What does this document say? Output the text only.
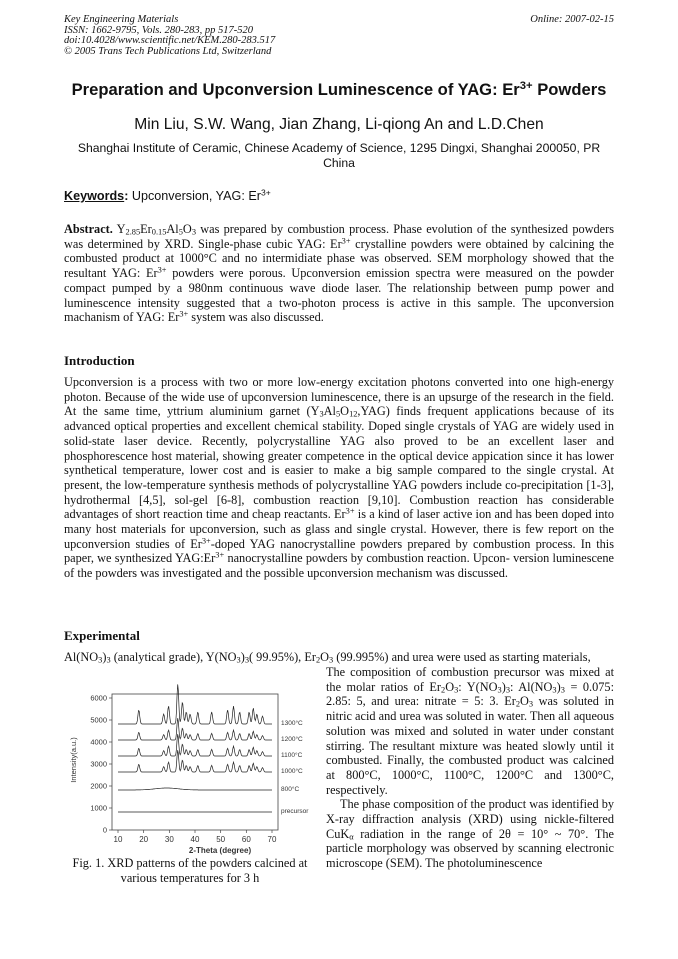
Key Engineering Materials
ISSN: 1662-9795, Vols. 280-283, pp 517-520
doi:10.4028/www.scientific.net/KEM.280-283.517
© 2005 Trans Tech Publications Ltd, Switzerland
Online: 2007-02-15
Preparation and Upconversion Luminescence of YAG: $Er^{3+}$ Powders
Min Liu, S.W. Wang, Jian Zhang, Li-qiong An and L.D.Chen
Shanghai Institute of Ceramic, Chinese Academy of Science, 1295 Dingxi, Shanghai 200050, PR China
Keywords: Upconversion, YAG: $Er^{3+}$

Abstract. $Y_{2.85}Er_{0.15}Al_5O_3$ was prepared by combustion process. Phase evolution of the synthesized powders was determined by XRD. Single-phase cubic YAG: $Er^{3+}$ crystalline powders were obtained by calcining the combusted product at 1000°C and no intermidiate phase was observed. SEM morphology showed that the resultant YAG: $Er^{3+}$ powders were porous. Upconversion emission spectra were measured on the powder compact pumped by a 980nm continuous wave diode laser. The relationship between pump power and luminescence intensity suggested that a two-photon process is active in this sample. The upconversion machanism of YAG: $Er^{3+}$ system was also discussed.

Introduction

Upconversion is a process with two or more low-energy excitation photons converted into one high-energy photon. Because of the wide use of upconversion luminescence, there is an upsurge of the research in the field. At the same time, yttrium aluminium garnet $(Y_3Al_5O_{12},YAG)$ finds frequent applications because of its advanced optical properties and excellent chemical stability. Doped single crystals of YAG are widely used in solid-state laser device. Recently, polycrystalline YAG also proved to be an excellent laser and phosphorescence host material, showing greater competence in the optical device appication since it has lower synthetical temperature, lower cost and is easier to make a big sample compared to the single crystal. At present, the low-temperature synthesis methods of polycrystalline YAG powders include co-precipitation [1-3], hydrothermal [4,5], sol-gel [6-8], combustion reaction [9,10]. Combustion reaction has considerable advantages of short reaction time and cheap reactants. $Er^{3+}$ is a kind of laser active ion and has been doped into many host materials for upconversion, such as glass and single crystal. However, there is few report on the upconversion studies of $Er^{3+}$-doped YAG nanocrystalline powders prepared by combustion process. In this paper, we synthesized $YAG:Er^{3+}$ nanocrystalline powders by combustion reaction. Upcon- version luminescene of the powders was investigated and the possible upconversion mechanism was discussed.

Experimental
$Al(NO_3)_3$ (analytical grade), $Y(NO_3)_3$( 99.95%), $Er_2O_3$ (99.995%) and urea were used as starting materials,

The composition of combustion precursor was mixed at the molar ratios of $Er_2O_3$: $Y(NO_3)_3$: $Al(NO_3)_3 = 0.075$: 2.85: 5, and urea: nitrate = 5: 3. $Er_2O_3$ was soluted in nitric acid and urea was soluted in water. Then all aqueous solution was mixed and soluted in water under constant stirring. The resultant mixture was heated slowly until it combusted. Finally, the combusted product was calcined at 800°C, 1000°C, 1100°C, 1200°C and 1300°C, respectively.

The phase composition of the product was identified by X-ray diffraction analysis (XRD) using nickle-filtered CuK$_\alpha$ radiation in the range of 2θ = 10° ~ 70°. The particle morphology was observed by scanning electronic microscope (SEM). The photoluminescence

6000
5000
4000
3000
2000
1000
0
10 20 30 40 50 60 70
1300°C
1200°C
1100°C
1000°C
800°C
precursor
Intensity(a.u.)
2-Theta (degree)
Fig. 1. XRD patterns of the powders calcined at various temperatures for 3 h
